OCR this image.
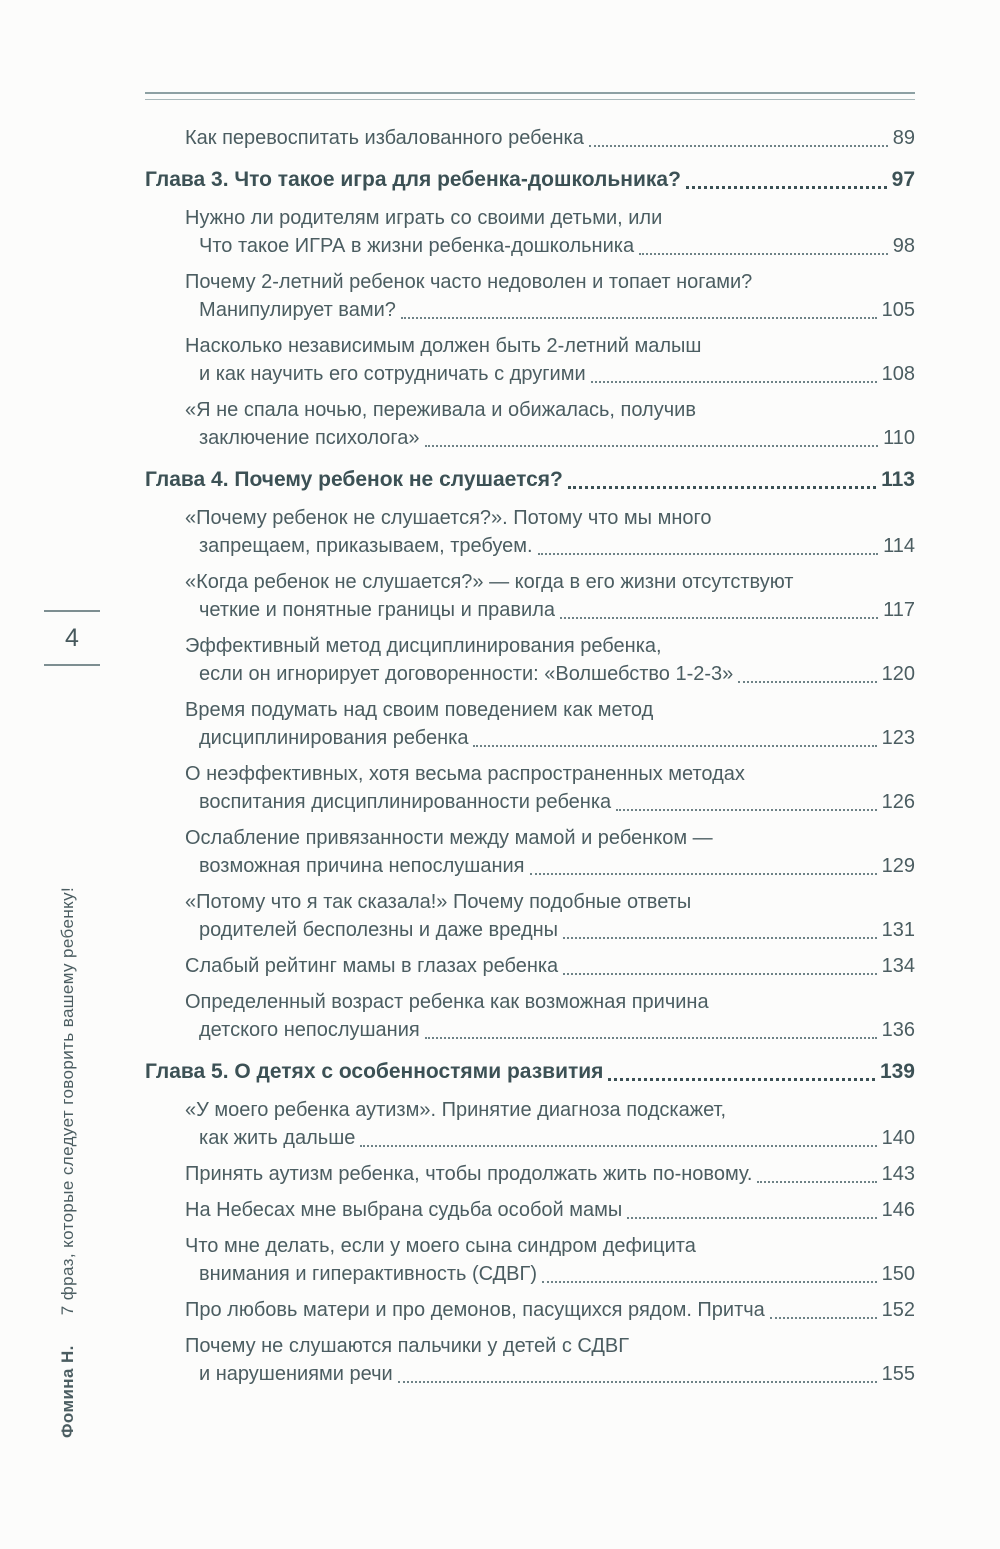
Как перевоспитать избалованного ребенка	89
Глава 3. Что такое игра для ребенка-дошкольника?	97
Нужно ли родителям играть со своими детьми, или
Что такое ИГРА в жизни ребенка-дошкольника	98
Почему 2-летний ребенок часто недоволен и топает ногами?
Манипулирует вами?	105
Насколько независимым должен быть 2-летний малыш
и как научить его сотрудничать с другими	108
«Я не спала ночью, переживала и обижалась, получив
заключение психолога»	110
Глава 4. Почему ребенок не слушается?	113
«Почему ребенок не слушается?». Потому что мы много
запрещаем, приказываем, требуем.	114
«Когда ребенок не слушается?» — когда в его жизни отсутствуют
четкие и понятные границы и правила	117
Эффективный метод дисциплинирования ребенка,
если он игнорирует договоренности: «Волшебство 1-2-3»	120
Время подумать над своим поведением как метод
дисциплинирования ребенка	123
О неэффективных, хотя весьма распространенных методах
воспитания дисциплинированности ребенка	126
Ослабление привязанности между мамой и ребенком —
возможная причина непослушания	129
«Потому что я так сказала!» Почему подобные ответы
родителей бесполезны и даже вредны	131
Слабый рейтинг мамы в глазах ребенка	134
Определенный возраст ребенка как возможная причина
детского непослушания	136
Глава 5. О детях с особенностями развития	139
«У моего ребенка аутизм». Принятие диагноза подскажет,
как жить дальше	140
Принять аутизм ребенка, чтобы продолжать жить по-новому.	143
На Небесах мне выбрана судьба особой мамы	146
Что мне делать, если у моего сына синдром дефицита
внимания и гиперактивность (СДВГ)	150
Про любовь матери и про демонов, пасущихся рядом. Притча	152
Почему не слушаются пальчики у детей с СДВГ
и нарушениями речи	155
4
Фомина Н.7 фраз, которые следует говорить вашему ребенку!
